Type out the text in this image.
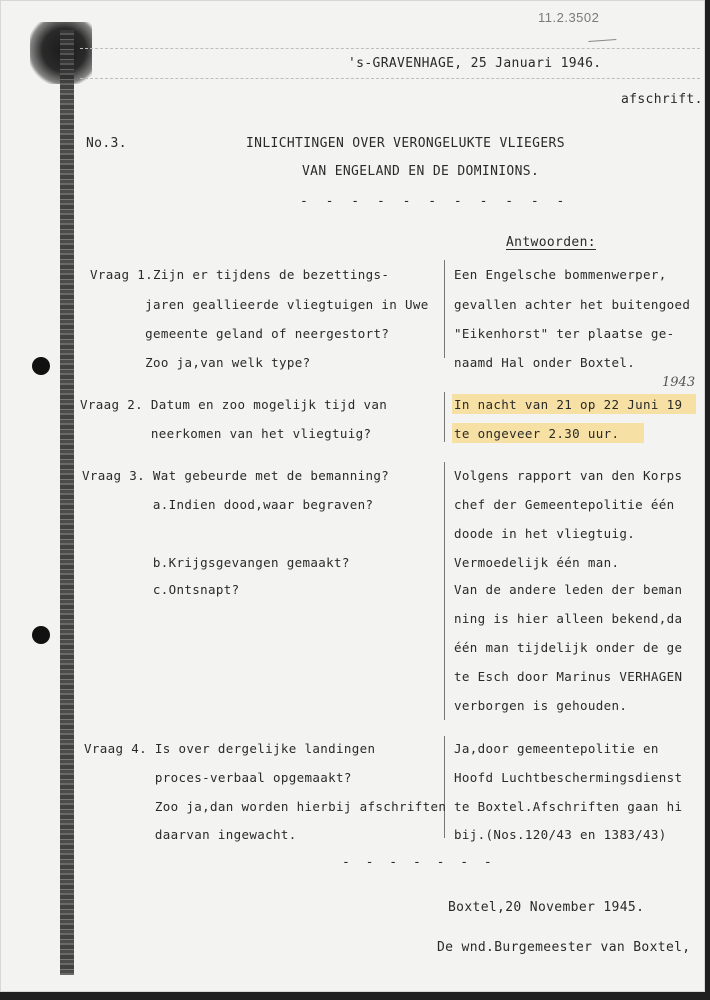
11.2.3502
's-GRAVENHAGE, 25 Januari 1946.
afschrift.
No.3.	INLICHTINGEN OVER VERONGELUKTE VLIEGERS
VAN ENGELAND EN DE DOMINIONS.
- - - - - - - - - - -
Antwoorden:
1943
Vraag 1.Zijn er tijdens de bezettings-
jaren geallieerde vliegtuigen in Uwe
gemeente geland of neergestort?
Zoo ja,van welk type?
Vraag 2. Datum en zoo mogelijk tijd van
neerkomen van het vliegtuig?
Vraag 3. Wat gebeurde met de bemanning?
a.Indien dood,waar begraven?
b.Krijgsgevangen gemaakt?
c.Ontsnapt?
Vraag 4. Is over dergelijke landingen
proces-verbaal opgemaakt?
Zoo ja,dan worden hierbij afschriften
daarvan ingewacht.
Een Engelsche bommenwerper,
gevallen achter het buitengoed
"Eikenhorst" ter plaatse ge-
naamd Hal onder Boxtel.
In nacht van 21 op 22 Juni 19
te ongeveer 2.30 uur.
Volgens rapport van den Korps
chef der Gemeentepolitie één
doode in het vliegtuig.
Vermoedelijk één man.
Van de andere leden der beman
ning is hier alleen bekend,da
één man tijdelijk onder de ge
te Esch door Marinus VERHAGEN
verborgen is gehouden.
Ja,door gemeentepolitie en
Hoofd Luchtbeschermingsdienst
te Boxtel.Afschriften gaan hi
bij.(Nos.120/43 en 1383/43)
- - - - - - -
Boxtel,20 November 1945.
De wnd.Burgemeester van Boxtel,
